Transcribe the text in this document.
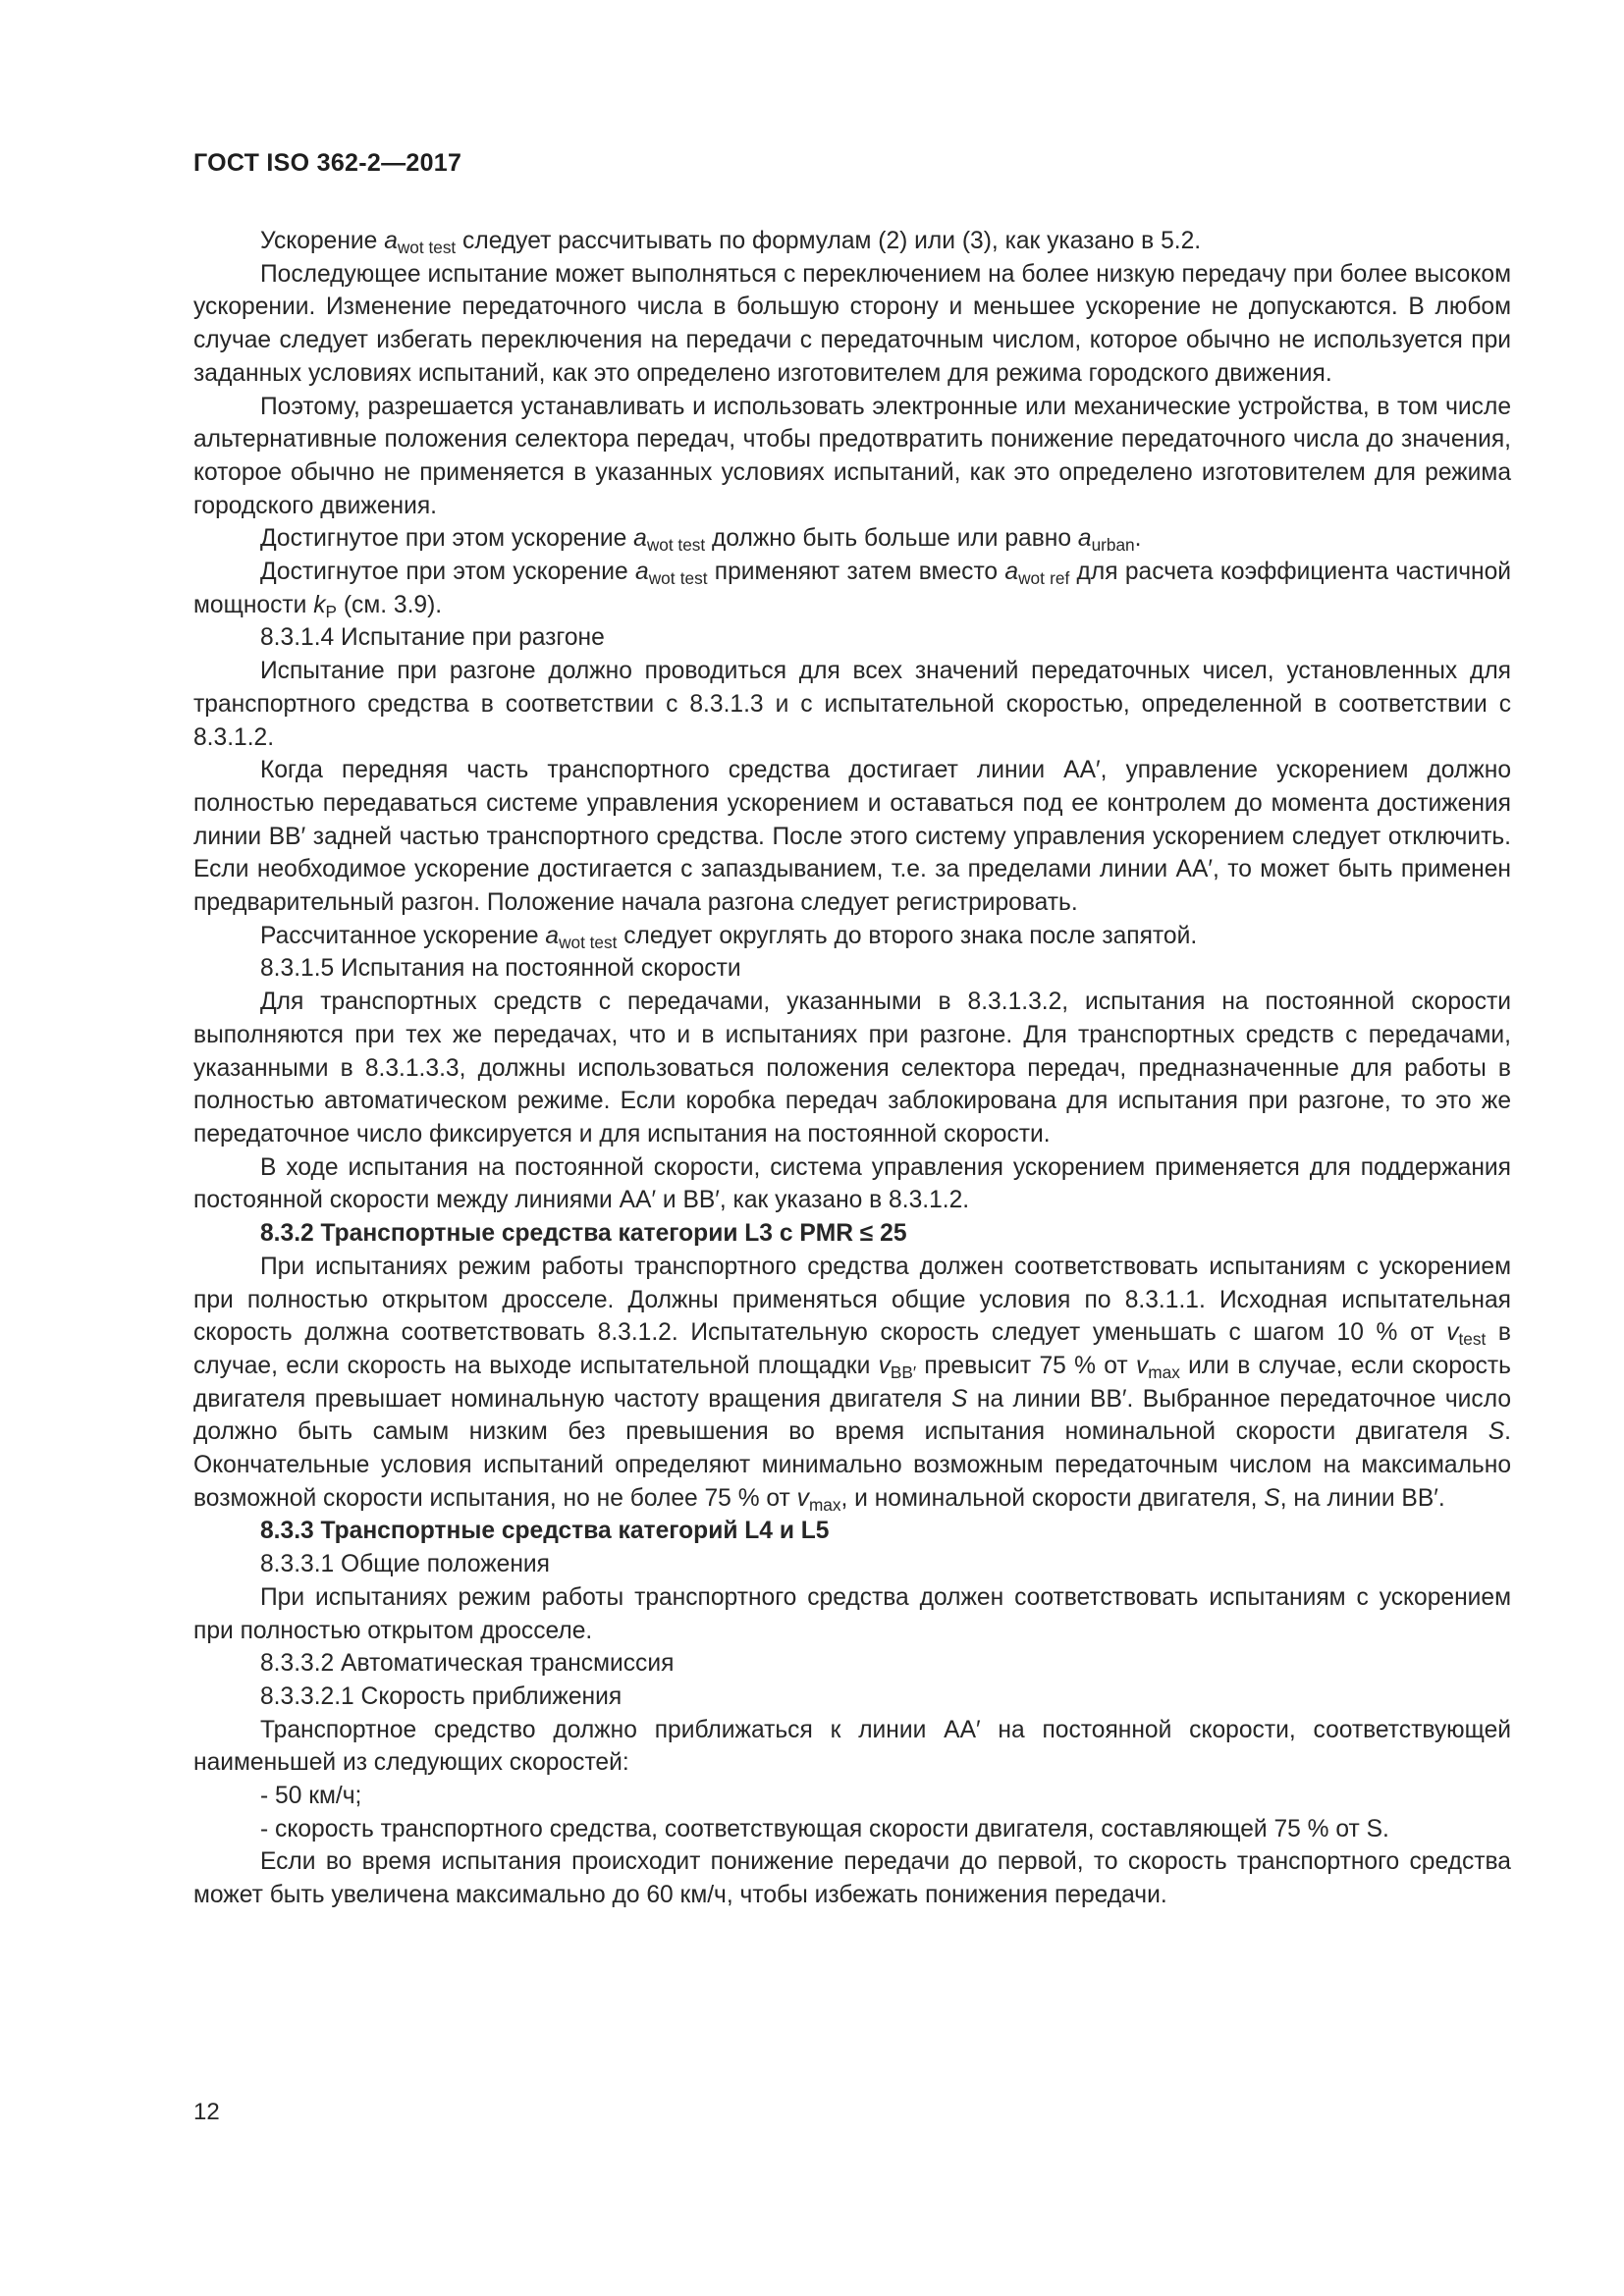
ГОСТ ISO 362-2—2017

Ускорение $a_{wot test}$ следует рассчитывать по формулам (2) или (3), как указано в 5.2.

Последующее испытание может выполняться с переключением на более низкую передачу при более высоком ускорении. Изменение передаточного числа в большую сторону и меньшее ускорение не допускаются. В любом случае следует избегать переключения на передачи с передаточным числом, которое обычно не используется при заданных условиях испытаний, как это определено изготовителем для режима городского движения.

Поэтому, разрешается устанавливать и использовать электронные или механические устройства, в том числе альтернативные положения селектора передач, чтобы предотвратить понижение передаточного числа до значения, которое обычно не применяется в указанных условиях испытаний, как это определено изготовителем для режима городского движения.

Достигнутое при этом ускорение $a_{wot test}$ должно быть больше или равно $a_{urban}$.

Достигнутое при этом ускорение $a_{wot test}$ применяют затем вместо $a_{wot ref}$ для расчета коэффициента частичной мощности $k_P$ (см. 3.9).

8.3.1.4 Испытание при разгоне

Испытание при разгоне должно проводиться для всех значений передаточных чисел, установленных для транспортного средства в соответствии с 8.3.1.3 и с испытательной скоростью, определенной в соответствии с 8.3.1.2.

Когда передняя часть транспортного средства достигает линии АА′, управление ускорением должно полностью передаваться системе управления ускорением и оставаться под ее контролем до момента достижения линии ВВ′ задней частью транспортного средства. После этого систему управления ускорением следует отключить. Если необходимое ускорение достигается с запаздыванием, т.е. за пределами линии АА′, то может быть применен предварительный разгон. Положение начала разгона следует регистрировать.

Рассчитанное ускорение $a_{wot test}$ следует округлять до второго знака после запятой.

8.3.1.5 Испытания на постоянной скорости

Для транспортных средств с передачами, указанными в 8.3.1.3.2, испытания на постоянной скорости выполняются при тех же передачах, что и в испытаниях при разгоне. Для транспортных средств с передачами, указанными в 8.3.1.3.3, должны использоваться положения селектора передач, предназначенные для работы в полностью автоматическом режиме. Если коробка передач заблокирована для испытания при разгоне, то это же передаточное число фиксируется и для испытания на постоянной скорости.

В ходе испытания на постоянной скорости, система управления ускорением применяется для поддержания постоянной скорости между линиями АА′ и ВВ′, как указано в 8.3.1.2.

8.3.2 Транспортные средства категории L3 с PMR ≤ 25

При испытаниях режим работы транспортного средства должен соответствовать испытаниям с ускорением при полностью открытом дросселе. Должны применяться общие условия по 8.3.1.1. Исходная испытательная скорость должна соответствовать 8.3.1.2. Испытательную скорость следует уменьшать с шагом 10 % от $v_{test}$ в случае, если скорость на выходе испытательной площадки $v_{BB'}$ превысит 75 % от $v_{max}$ или в случае, если скорость двигателя превышает номинальную частоту вращения двигателя S на линии ВВ′. Выбранное передаточное число должно быть самым низким без превышения во время испытания номинальной скорости двигателя S. Окончательные условия испытаний определяют минимально возможным передаточным числом на максимально возможной скорости испытания, но не более 75 % от $v_{max}$, и номинальной скорости двигателя, S, на линии ВВ′.

8.3.3 Транспортные средства категорий L4 и L5

8.3.3.1 Общие положения

При испытаниях режим работы транспортного средства должен соответствовать испытаниям с ускорением при полностью открытом дросселе.

8.3.3.2 Автоматическая трансмиссия

8.3.3.2.1 Скорость приближения

Транспортное средство должно приближаться к линии АА′ на постоянной скорости, соответствующей наименьшей из следующих скоростей:

- 50 км/ч;

- скорость транспортного средства, соответствующая скорости двигателя, составляющей 75 % от S.

Если во время испытания происходит понижение передачи до первой, то скорость транспортного средства может быть увеличена максимально до 60 км/ч, чтобы избежать понижения передачи.

12
